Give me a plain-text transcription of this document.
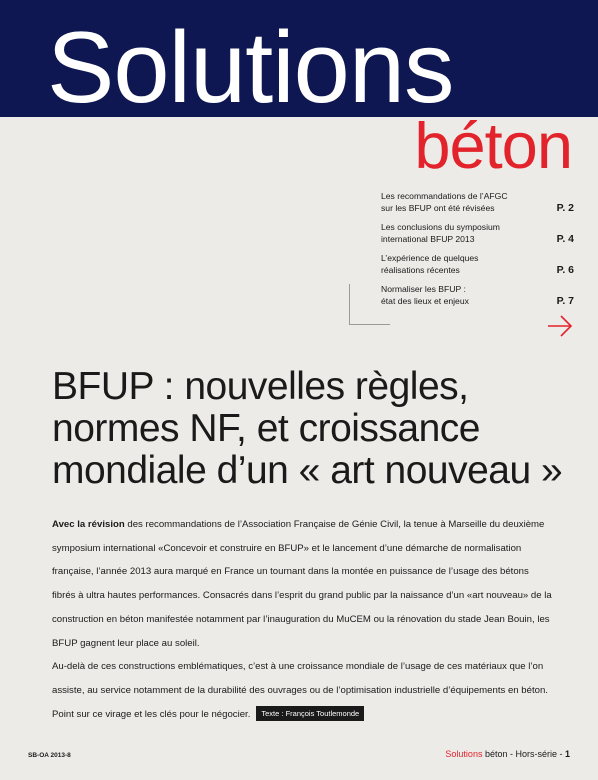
Solutions
béton
Les recommandations de l’AFGC
sur les BFUP ont été révisées	P. 2
Les conclusions du symposium
international BFUP 2013	P. 4
L’expérience de quelques
réalisations récentes	P. 6
Normaliser les BFUP :
état des lieux et enjeux	P. 7
BFUP : nouvelles règles,
normes NF, et croissance
mondiale d’un « art nouveau »

Avec la révision des recommandations de l’Association Française de Génie Civil, la tenue à Marseille du deuxième symposium international «Concevoir et construire en BFUP» et le lancement d’une démarche de normalisation française, l’année 2013 aura marqué en France un tournant dans la montée en puissance de l’usage des bétons fibrés à ultra hautes performances. Consacrés dans l’esprit du grand public par la naissance d’un «art nouveau» de la construction en béton manifestée notamment par l’inauguration du MuCEM ou la rénovation du stade Jean Bouin, les BFUP gagnent leur place au soleil.

Au-delà de ces constructions emblématiques, c’est à une croissance mondiale de l’usage de ces matériaux que l’on assiste, au service notamment de la durabilité des ouvrages ou de l’optimisation industrielle d’équipements en béton. Point sur ce virage et les clés pour le négocier. Texte : François Toutlemonde

SB-OA 2013-8	Solutions béton - Hors-série - 1
